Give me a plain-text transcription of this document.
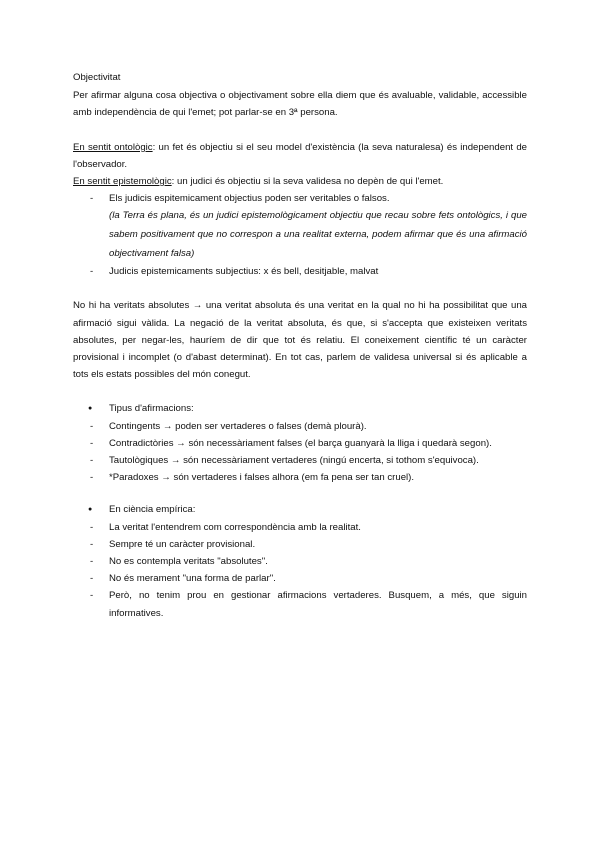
Objectivitat

Per afirmar alguna cosa objectiva o objectivament sobre ella diem que és avaluable, validable, accessible amb independència de qui l'emet; pot parlar-se en 3ª persona.

En sentit ontològic: un fet és objectiu si el seu model d'existència (la seva naturalesa) és independent de l'observador.

En sentit epistemològic: un judici és objectiu si la seva validesa no depèn de qui l'emet.

- Els judicis espitemicament objectius poden ser veritables o falsos.
(la Terra és plana, és un judici epistemològicament objectiu que recau sobre fets ontològics, i que sabem positivament que no correspon a una realitat externa, podem afirmar que és una afirmació objectivament falsa)
- Judicis epistemicaments subjectius: x és bell, desitjable, malvat

No hi ha veritats absolutes → una veritat absoluta és una veritat en la qual no hi ha possibilitat que una afirmació sigui vàlida. La negació de la veritat absoluta, és que, si s'accepta que existeixen veritats absolutes, per negar-les, hauríem de dir que tot és relatiu. El coneixement científic té un caràcter provisional i incomplet (o d'abast determinat). En tot cas, parlem de validesa universal si és aplicable a tots els estats possibles del món conegut.

● Tipus d'afirmacions:
- Contingents → poden ser vertaderes o falses (demà plourà).
- Contradictòries → són necessàriament falses (el barça guanyarà la lliga i quedarà segon).
- Tautològiques → són necessàriament vertaderes (ningú encerta, si tothom s'equivoca).
- *Paradoxes → són vertaderes i falses alhora (em fa pena ser tan cruel).
● En ciència empírica:
- La veritat l'entendrem com correspondència amb la realitat.
- Sempre té un caràcter provisional.
- No es contempla veritats "absolutes".
- No és merament "una forma de parlar".
- Però, no tenim prou en gestionar afirmacions vertaderes. Busquem, a més, que siguin informatives.
